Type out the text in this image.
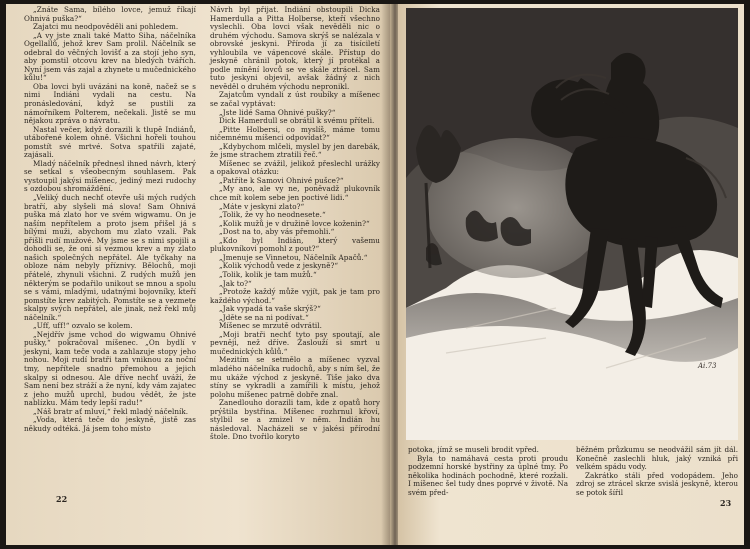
„Znáte Sama, bílého lovce, jemuž říkají Ohnivá puška?“

Zajatci mu neodpověděli ani pohledem.

„A vy jste znali také Matto Siha, náčelníka Ogellallů, jehož krev Sam prolil. Náčelník se odebral do věčných lovišť a za stojí jeho syn, aby pomstil otcovu krev na bledých tvářích. Nyní jsem vás zajal a zhynete u mučednického kůlu!“

Oba lovci byli uvázáni na koně, načež se s nimi Indiáni vydali na cestu. Na pronásledování, když se pustili za námořníkem Polterem, nečekali. Jistě se mu nějakou zpráva o návratu.

Nastal večer, když dorazili k tlupě Indiánů, utábořené kolem ohně. Všichni hořeli touhou pomstít své mrtvé. Sotva spatřili zajaté, zajásali.

Mladý náčelník přednesl ihned návrh, který se setkal s všeobecným souhlasem. Pak vystoupil jakýsi míšenec, jediný mezi rudochy s ozdobou shromáždění.

„Veliký duch nechť otevře uši mých rudých bratří, aby slyšeli má slova! Sam Ohnivá puška má zlato hor ve svém wigwamu. On je naším nepřítelem a proto jsem přišel já s bílými muži, abychom mu zlato vzali. Pak přišli rudí mužové. My jsme se s nimi spojili a dohodli se, že oni si vezmou krev a my zlato našich společných nepřátel. Ale tyčkahy na obloze nám nebyly příznivy. Bělochů, moji přátelé, zhynuli všichni. Z rudých mužů jen některým se podařilo unikout se mnou a spolu se s vámi, mladými, udatnými bojovníky, kteří pomstíte krev zabitých. Pomstíte se a vezmete skalpy svých nepřátel, ale jinak, než řekl můj náčelník.“

„Uff, uff!“ ozvalo se kolem.

„Nejdřív jsme vchod do wigwamu Ohnivé pušky,“ pokračoval míšenec. „On bydlí v jeskyni, kam teče voda a zahlazuje stopy jeho nohou. Moji rudí bratři tam vniknou za noční tmy, nepřítele snadno přemohou a jejich skalpy si odnesou. Ale dříve nechť uváží, že Sam není bez stráží a že nyní, kdy vám zajatec z jeho mužů uprchl, budou vědět, že jste nablízku. Mám tedy lepší radu!“

„Náš bratr ať mluví,“ řekl mladý náčelník.

„Voda, která teče do jeskyně, jistě zas někudy odtéká. Já jsem toho místo

Návrh byl přijat. Indiání obstoupili Dicka Hamerdulla a Pitta Holberse, kteří všechno vyslechli. Oba lovci však nevěděli nic o druhém východu. Samova skrýš se nalézala v obrovské jeskyni. Příroda jí za tisíciletí vyhloubila ve vápencové skále. Přístup do jeskyně chránil potok, který jí protékal a podle mínění lovců se ve skále ztrácel. Sam tuto jeskyni objevil, avšak žádný z nich nevěděl o druhém východu nepronikl.

Zajatcům vyndali z úst roubíky a míšenec se začal vyptávat:

„Jste lidé Sama Ohnivé pušky?“

Dick Hamerdull se obrátil k svému příteli.

„Pitte Holbersi, co myslíš, máme tomu ničemnému míšenci odpovídat?“

„Kdybychom mlčeli, myslel by jen darebák, že jsme strachem ztratili řeč.“

Míšenec se zvážil, jelikož přeslechl urážky a opakoval otázku:

„Patříte k Samovi Ohnivé pušce?“

„My ano, ale vy ne, poněvadž plukovník chce mít kolem sebe jen poctivé lidi.“

„Máte v jeskyni zlato?“

„Tolik, že vy ho neodnesete.“

„Kolik mužů je v družině lovce koženin?“

„Dost na to, aby vás přemohli.“

„Kdo byl Indián, který vašemu plukovníkovi pomohl z pout?“

„Jmenuje se Vinnetou, Náčelník Apačů.“

„Kolik východů vede z jeskyně?“

„Tolik, kolik je tam mužů.“

„Jak to?“

„Protože každý může vyjít, pak je tam pro každého východ.“

„Jak vypadá ta vaše skrýš?“

„Jděte se na ni podívat.“

Míšenec se mrzutě odvrátil.

„Moji bratři nechť tyto psy spoutají, ale pevněji, než dříve. Zaslouží si smrt u mučednických kůlů.“

Mezitím se setmělo a míšenec vyzval mladého náčelníka rudochů, aby s ním šel, že mu ukáže východ z jeskyně. Tiše jako dva stíny se vykradli a zamířili k místu, jehož polohu míšenec patrně dobře znal.

Zanedlouho dorazili tam, kde z opatů hory prýštila bystřina. Míšenec rozhrnul křoví, stylbil se a zmizel v něm. Indián hu následoval. Nacházeli se v jakési přírodní štole. Dno tvořilo koryto

22
Ai.73

potoka, jímž se museli brodit vpřed.

Byla to namáhavá cesta proti proudu podzemní horské bystřiny za úplné tmy. Po několika hodinách pochodně, které rozžali. I míšenec šel tudy dnes poprvé v životě. Na svém před-

běžném průzkumu se neodvážil sám jít dál. Konečně zaslechli hluk, jaký vzniká při velkém spádu vody.

Zakrátko stáli před vodopádem. Jeho zdroj se ztrácel skrze svislá jeskyně, kterou se potok šířil

23
